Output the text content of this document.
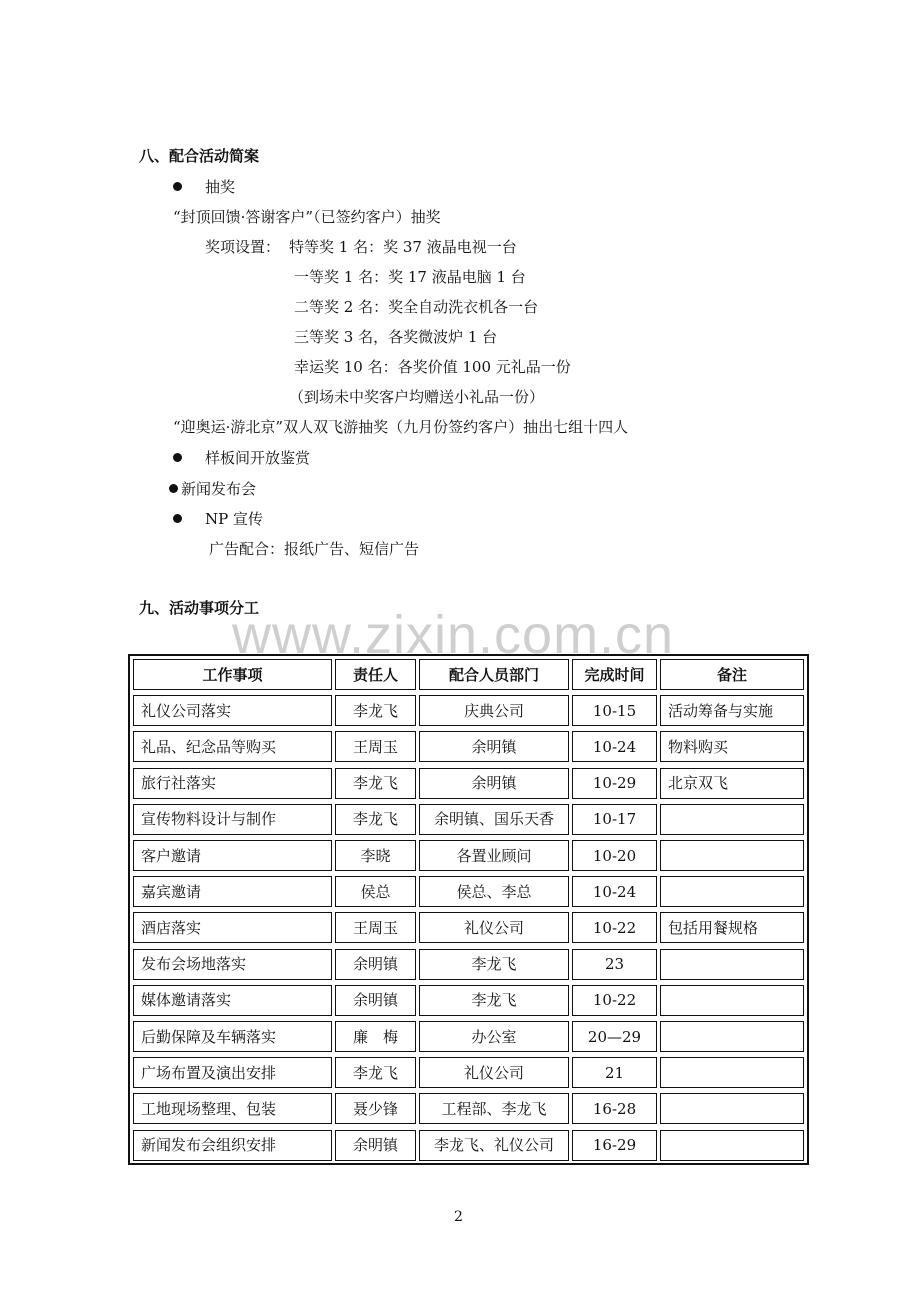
八、配合活动简案
抽奖
“封顶回馈·答谢客户”（已签约客户）抽奖
奖项设置： 特等奖 1 名：奖 37 液晶电视一台
一等奖 1 名：奖 17 液晶电脑 1 台
二等奖 2 名：奖全自动洗衣机各一台
三等奖 3 名，各奖微波炉 1 台
幸运奖 10 名：各奖价值 100 元礼品一份
（到场未中奖客户均赠送小礼品一份）
“迎奥运·游北京”双人双飞游抽奖（九月份签约客户）抽出七组十四人
样板间开放鉴赏
新闻发布会
NP 宣传
广告配合：报纸广告、短信广告
九、活动事项分工
www.zixin.com.cn
工作事项	责任人	配合人员部门	完成时间	备注
礼仪公司落实	李龙飞	庆典公司	10-15	活动筹备与实施
礼品、纪念品等购买	王周玉	余明镇	10-24	物料购买
旅行社落实	李龙飞	余明镇	10-29	北京双飞
宣传物料设计与制作	李龙飞	余明镇、国乐天香	10-17
客户邀请	李晓	各置业顾问	10-20
嘉宾邀请	侯总	侯总、李总	10-24
酒店落实	王周玉	礼仪公司	10-22	包括用餐规格
发布会场地落实	余明镇	李龙飞	23
媒体邀请落实	余明镇	李龙飞	10-22
后勤保障及车辆落实	廉　梅	办公室	20—29
广场布置及演出安排	李龙飞	礼仪公司	21
工地现场整理、包装	聂少锋	工程部、李龙飞	16-28
新闻发布会组织安排	余明镇	李龙飞、礼仪公司	16-29
2
